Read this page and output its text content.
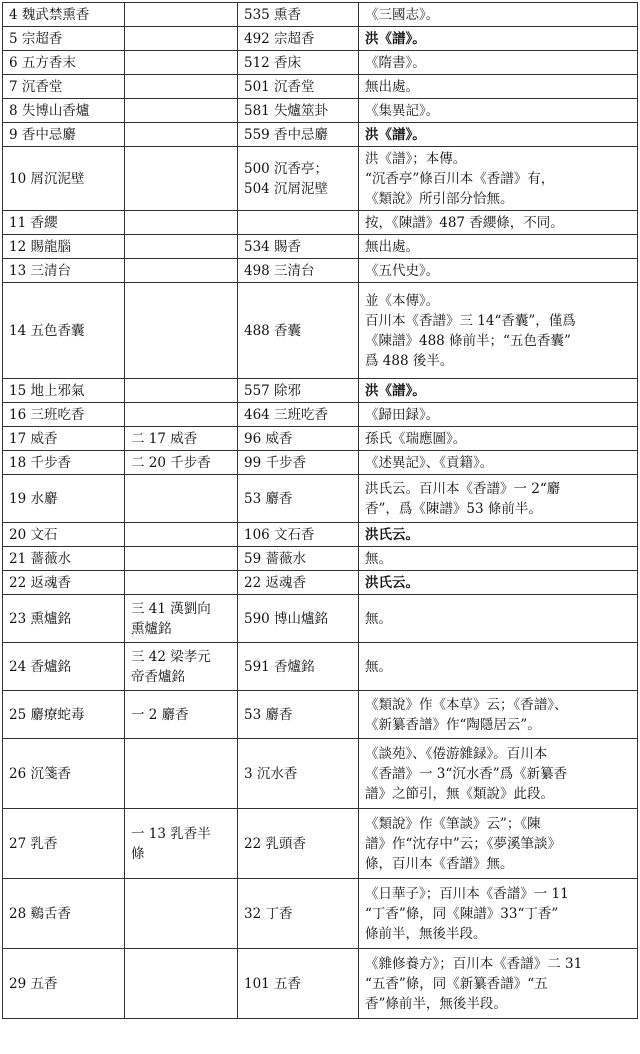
4 魏武禁熏香		535 熏香	《三國志》。

5 宗超香		492 宗超香	洪《譜》。

6 五方香末		512 香床	《隋書》。

7 沉香堂		501 沉香堂	無出處。

8 失博山香爐		581 失爐筮卦	《集異記》。

9 香中忌麝		559 香中忌麝	洪《譜》。

10 屑沉泥壁		500 沉香亭；
504 沉屑泥壁	洪《譜》；本傳。
“沉香亭”條百川本《香譜》有，
《類說》所引部分恰無。

11 香纓			按，《陳譜》487 香纓條，不同。

12 賜龍腦		534 賜香	無出處。

13 三清台		498 三清台	《五代史》。

14 五色香囊		488 香囊	並《本傳》。
百川本《香譜》三 14“香囊”，僅爲
《陳譜》488 條前半；“五色香囊”
爲 488 後半。

15 地上邪氣		557 除邪	洪《譜》。

16 三班吃香		464 三班吃香	《歸田録》。

17 威香	二 17 威香	96 威香	孫氏《瑞應圖》。

18 千步香	二 20 千步香	99 千步香	《述異記》、《貢籍》。

19 水麝		53 麝香	洪氏云。百川本《香譜》一 2“麝
香”，爲《陳譜》53 條前半。

20 文石		106 文石香	洪氏云。

21 薔薇水		59 薔薇水	無。

22 返魂香		22 返魂香	洪氏云。

23 熏爐銘	三 41 漢劉向
熏爐銘	590 博山爐銘	無。

24 香爐銘	三 42 梁孝元
帝香爐銘	591 香爐銘	無。

25 麝療蛇毒	一 2 麝香	53 麝香	《類說》作《本草》云；《香譜》、
《新纂香譜》作“陶隱居云”。

26 沉箋香		3 沉水香	《談苑》、《倦游雜録》。百川本
《香譜》一 3“沉水香”爲《新纂香
譜》之節引，無《類說》此段。

27 乳香	一 13 乳香半
條	22 乳頭香	《類說》作《筆談》云”；《陳
譜》作“沈存中”云；《夢溪筆談》
條，百川本《香譜》無。

28 鷄舌香		32 丁香	《日華子》；百川本《香譜》一 11
“丁香”條，同《陳譜》33“丁香”
條前半，無後半段。

29 五香		101 五香	《雜修養方》；百川本《香譜》二 31
“五香”條，同《新纂香譜》“五
香”條前半，無後半段。
